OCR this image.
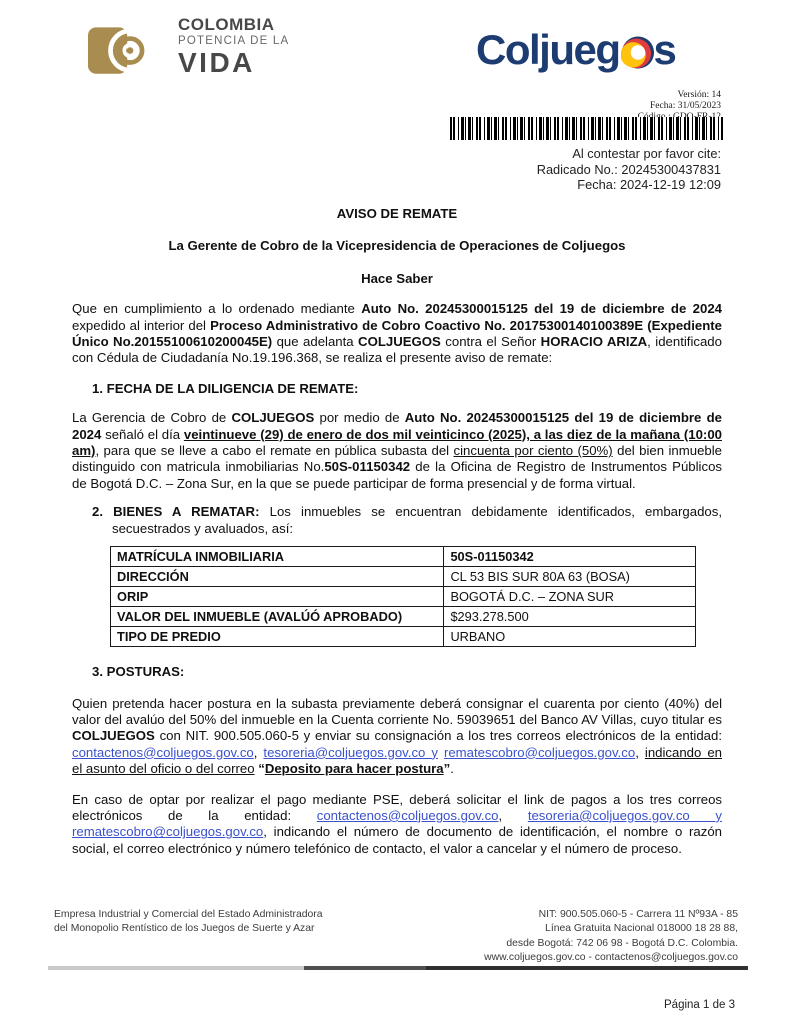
COLOMBIA
POTENCIA DE LA
VIDA	Coljueg s
Versión: 14
Fecha: 31/05/2023
Al contestar por favor cite:
Radicado No.: 20245300437831
Fecha: 2024-12-19 12:09

AVISO DE REMATE

La Gerente de Cobro de la Vicepresidencia de Operaciones de Coljuegos

Hace Saber

Que en cumplimiento a lo ordenado mediante Auto No. 20245300015125 del 19 de diciembre de 2024 expedido al interior del Proceso Administrativo de Cobro Coactivo No. 20175300140100389E (Expediente Único No.20155100610200045E) que adelanta COLJUEGOS contra el Señor HORACIO ARIZA, identificado con Cédula de Ciudadanía No.19.196.368, se realiza el presente aviso de remate:

1. FECHA DE LA DILIGENCIA DE REMATE:

La Gerencia de Cobro de COLJUEGOS por medio de Auto No. 20245300015125 del 19 de diciembre de 2024 señaló el día veintinueve (29) de enero de dos mil veinticinco (2025), a las diez de la mañana (10:00 am), para que se lleve a cabo el remate en pública subasta del cincuenta por ciento (50%) del bien inmueble distinguido con matricula inmobiliarias No.50S-01150342 de la Oficina de Registro de Instrumentos Públicos de Bogotá D.C. – Zona Sur, en la que se puede participar de forma presencial y de forma virtual.

2. BIENES A REMATAR: Los inmuebles se encuentran debidamente identificados, embargados, secuestrados y avaluados, así:
MATRÍCULA INMOBILIARIA	50S-01150342
DIRECCIÓN	CL 53 BIS SUR 80A 63 (BOSA)
ORIP	BOGOTÁ D.C. – ZONA SUR
VALOR DEL INMUEBLE (AVALÚÓ APROBADO)	$293.278.500
TIPO DE PREDIO	URBANO
3. POSTURAS:

Quien pretenda hacer postura en la subasta previamente deberá consignar el cuarenta por ciento (40%) del valor del avalúo del 50% del inmueble en la Cuenta corriente No. 59039651 del Banco AV Villas, cuyo titular es COLJUEGOS con NIT. 900.505.060-5 y enviar su consignación a los tres correos electrónicos de la entidad: contactenos@coljuegos.gov.co, tesoreria@coljuegos.gov.co y rematescobro@coljuegos.gov.co, indicando en el asunto del oficio o del correo “Deposito para hacer postura”.

En caso de optar por realizar el pago mediante PSE, deberá solicitar el link de pagos a los tres correos electrónicos de la entidad: contactenos@coljuegos.gov.co, tesoreria@coljuegos.gov.co y rematescobro@coljuegos.gov.co, indicando el número de documento de identificación, el nombre o razón social, el correo electrónico y número telefónico de contacto, el valor a cancelar y el número de proceso.

Empresa Industrial y Comercial del Estado Administradora
del Monopolio Rentístico de los Juegos de Suerte y Azar
NIT: 900.505.060-5 - Carrera 11 Nº93A - 85
Línea Gratuita Nacional 018000 18 28 88,
desde Bogotá: 742 06 98 - Bogotá D.C. Colombia.
www.coljuegos.gov.co - contactenos@coljuegos.gov.co
Página 1 de 3
